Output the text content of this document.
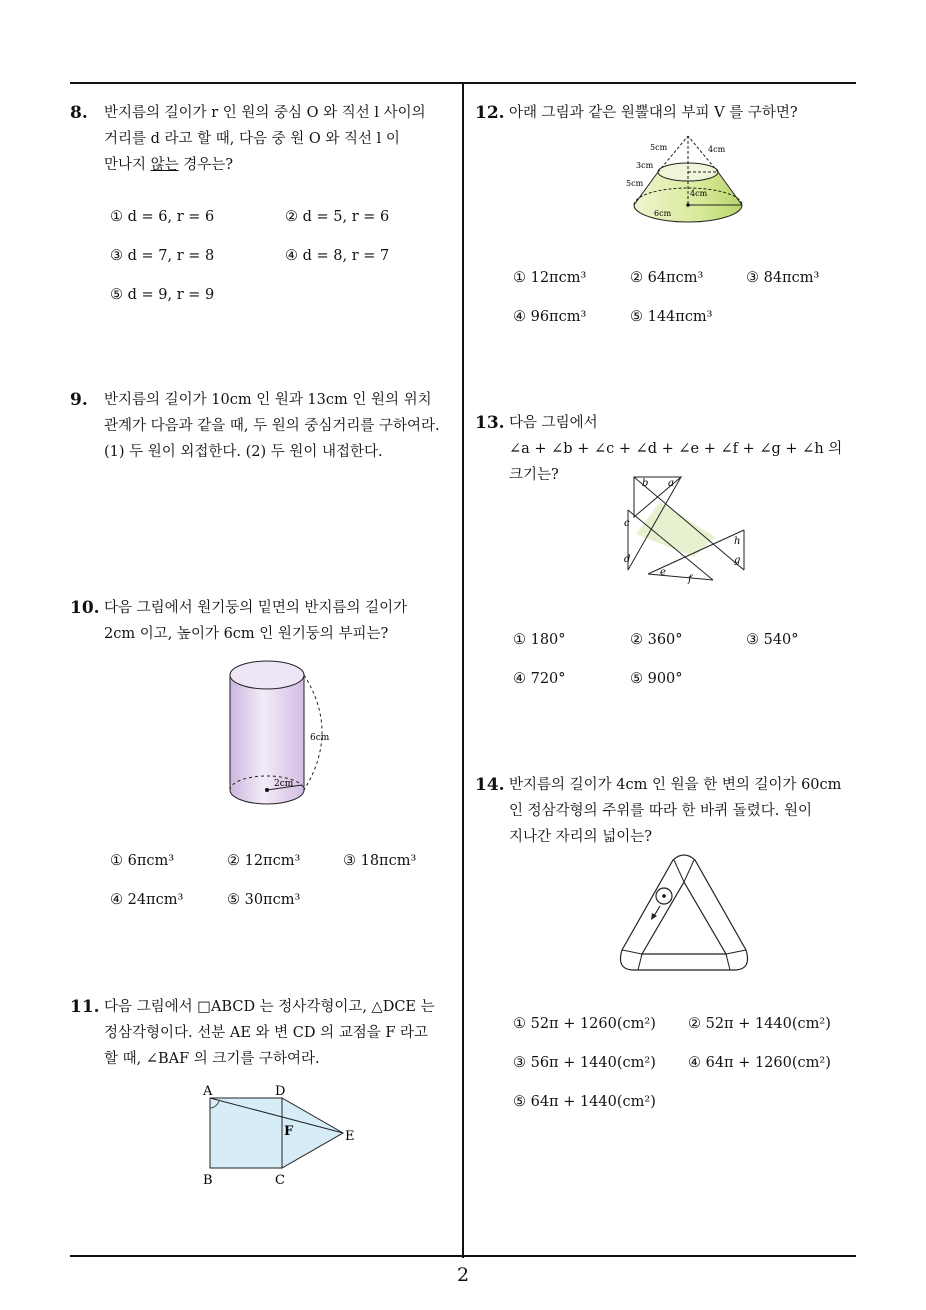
8. 반지름의 길이가 r 인 원의 중심 O 와 직선 l 사이의

거리를 d 라고 할 때, 다음 중 원 O 와 직선 l 이

만나지 않는 경우는?

① d = 6, r = 6	② d = 5, r = 6
③ d = 7, r = 8	④ d = 8, r = 7
⑤ d = 9, r = 9
9. 반지름의 길이가 10cm 인 원과 13cm 인 원의 위치

관계가 다음과 같을 때, 두 원의 중심거리를 구하여라.

(1) 두 원이 외접한다. (2) 두 원이 내접한다.

10. 다음 그림에서 원기둥의 밑면의 반지름의 길이가

2cm 이고, 높이가 6cm 인 원기둥의 부피는?

6cm
2cm
① 6πcm³	② 12πcm³	③ 18πcm³
④ 24πcm³	⑤ 30πcm³
11. 다음 그림에서 □ABCD 는 정사각형이고, △DCE 는

정삼각형이다. 선분 AE 와 변 CD 의 교점을 F 라고

할 때, ∠BAF 의 크기를 구하여라.

A	D
B	C
E
F
12. 아래 그림과 같은 원뿔대의 부피 V 를 구하면?

5cm	4cm
3cm
5cm
4cm
6cm
① 12πcm³	② 64πcm³	③ 84πcm³
④ 96πcm³	⑤ 144πcm³
13. 다음 그림에서

∠a + ∠b + ∠c + ∠d + ∠e + ∠f + ∠g + ∠h 의 크기는?

b a
c
d
e
f
h
g
① 180°	② 360°	③ 540°
④ 720°	⑤ 900°
14. 반지름의 길이가 4cm 인 원을 한 변의 길이가 60cm

인 정삼각형의 주위를 따라 한 바퀴 돌렸다. 원이

지나간 자리의 넓이는?

① 52π + 1260(cm²) ② 52π + 1440(cm²)
③ 56π + 1440(cm²) ④ 64π + 1260(cm²)
⑤ 64π + 1440(cm²)
2
